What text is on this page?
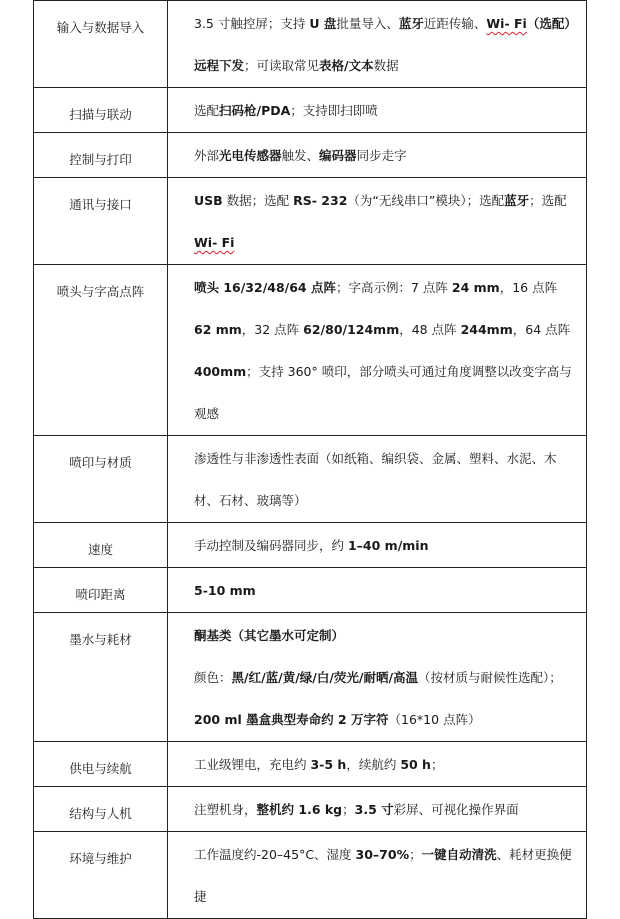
输入与数据导入	3.5 寸触控屏；支持 U 盘批量导入、蓝牙近距传输、Wi- Fi（选配）远程下发；可读取常见表格/文本数据

扫描与联动	选配扫码枪/PDA；支持即扫即喷

控制与打印	外部光电传感器触发、编码器同步走字

通讯与接口	USB 数据；选配 RS- 232（为“无线串口”模块）；选配蓝牙；选配 Wi- Fi

喷头与字高点阵	喷头 16/32/48/64 点阵；字高示例：7 点阵 24 mm，16 点阵 62 mm，32 点阵 62/80/124mm，48 点阵 244mm，64 点阵 400mm；支持 360° 喷印，部分喷头可通过角度调整以改变字高与观感

喷印与材质	渗透性与非渗透性表面（如纸箱、编织袋、金属、塑料、水泥、木材、石材、玻璃等）

速度	手动控制及编码器同步，约 1–40 m/min

喷印距离	5-10 mm

墨水与耗材	酮基类（其它墨水可定制）

颜色：黑/红/蓝/黄/绿/白/荧光/耐晒/高温（按材质与耐候性选配）；

200 ml 墨盒典型寿命约 2 万字符（16*10 点阵）

供电与续航	工业级锂电，充电约 3-5 h，续航约 50 h；

结构与人机	注塑机身，整机约 1.6 kg；3.5 寸彩屏、可视化操作界面

环境与维护	工作温度约-20–45°C、湿度 30–70%；一键自动清洗、耗材更换便捷
